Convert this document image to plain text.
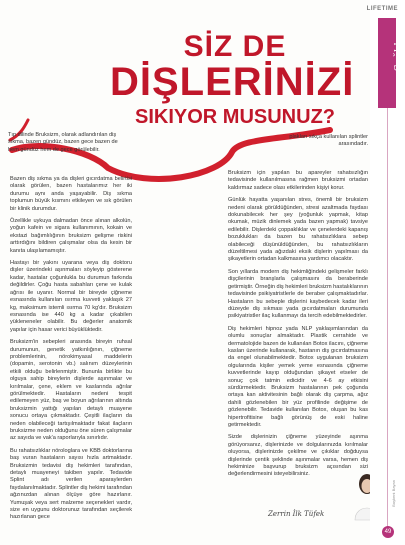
SİZ DE
DİŞLERİNİZİ
SIKIYOR MUSUNUZ?
Tıp dilinde Bruksizm, olarak adlandırılan diş sıkma, bazen gündüz, bazen gece bazen de hem gündüz hem de gece görülebilir.
plakları sıkça kullanılan splintler arasındadır.

Bazen diş sıkma ya da dişleri gıcırdatma belirtisi olarak görülen, bazen hastalarımız her iki durumu aynı anda yaşayabilir. Diş sıkma toplumun büyük kısmını etkileyen ve sık görülen bir klinik durumdur.

Özellikle uykuya dalmadan önce alınan alkolün, yoğun kafein ve sigara kullanımının, kokain ve ekstazi bağımlılığının bruksizm gelişme riskini arttırdığını bildiren çalışmalar olsa da kesin bir kanıta ulaşılamamıştır.

Hastayı bir yakını uyarana veya diş doktoru dişler üzerindeki aşınmaları söyleyip gösterene kadar, hastalar çoğunlukla bu durumun farkında değildirler. Çoğu hasta sabahları çene ve kulak ağrısı ile uyanır. Normal bir bireyde çiğneme esnasında kullanılan ısırma kuvveti yaklaşık 27 kg, maksimum istemli ısırma 70 kg'dır. Bruksizm esnasında ise 440 kg a kadar çıkabilen yükleneneler olabilir. Bu değerler anatomik yapılar için hasar verici büyüklüktedir.

Bruksizm'in sebepleri arasında bireyin ruhsal durumunun, genetik yatkınlığının, çiğneme problemlerinin, nörokimyasal maddelerin (dopamin, serotonin vb.) salınım düzeylerinin etkili olduğu belirlenmiştir. Bununla birlikte bu olguya sahip bireylerin dişlerde aşınmalar ve kırılmalar, çene, eklem ve kaslarında ağrılar görülmektedir. Hastaların nedeni tespit edilemeyen yüz, baş ve boyun ağrılarının altında bruksizmin yattığı yapılan detaylı muayene sonucu ortaya çıkmaktadır. Çeşitli ilaçların da neden olabileceği tartışılmaktadır fakat ilaçların bruksizme neden olduğunu öne süren çalışmalar az sayıda ve vak'a raporlarıyla sınırlıdır.

Bu rahatsızlıklar nörologlara ve KBB doktorlarına baş vuran hastaların sayısı hızla artmaktadır. Bruksizmin tedavisi diş hekimleri tarafından, detaylı muayeneyi takiben yapılır. Tedavide Splint adı verilen aparaylerden faydalanılmaktadır. Splintler diş hekimi tarafından ağzınızdan alınan ölçüye göre hazırlanır. Yumuşak veya sert malzeme seçenekleri vardır, size en uygunu doktorunuz tarafından seçilerek hazırlanan gece

Bruksizm için yapılan bu apareyler rahatsızlığın tedavisinde kullanılmasına rağmen bruksizmi ortadan kaldırmaz sadece olası etkilerinden kişiyi korur.

Günlük hayatta yaşanılan stres, önemli bir bruksizm nedeni olarak görüldüğünden, stresi azaltmada faydası dokunabilecek her şey (yoğunluk yapmak, kitap okumak, müzik dinlemek yada bazen yapmak) tavsiye edilebilir. Dişlerdeki çoppaklıklar ve çenelerdeki kapanış bozuklukları da bazen bu rahatsızlıklara sebep olabileceği düşünüldüğünden, bu rahatsızlıkların düzeltilmesi yada ağızdaki eksik dişlerin yapılması da şikayetlerin ortadan kalkmasına yardımcı olacaktır.

Son yıllarda modern diş hekimliğindeki gelişmeler farklı dişçilerinin branşlarla çalışmasını da beraberinde getirmiştir. Örneğin diş hekimleri bruksizm hastalıklarının tedavisinde psikiyatristlerle de beraber çalışmaktadırlar. Hastaların bu sebeple dişlerini kaybedecek kadar ileri düzeyde diş sıkması yada gıcırdatmaları durumunda psikiyatristler ilaç kullanmayı da tercih edebilmektedirler.

Diş hekimleri hipnoz yada NLP yaklaşımlarından da olumlu sonuçlar almaktadır. Plastik cerrahide ve dermatolojide bazen de kullanılan Botox ilacını, çiğneme kasları üzerinde kullanarak, hastanın diş gıcırdatmasına da engel olunabilmektedir. Botox uygulanan bruksizm olgularında kişiler yemek yeme esnasında çiğneme kuvvetlerinde kayıp olduğundan şikayet etseler de sonuç çok tatmin edicidir ve 4-6 ay etkisini sürdürmektedir. Bruksizm hastalarının pek çoğunda ortaya kan aktivitesinin bağlı olarak diş çarpma, ağız dahili gözlenebilen bir yüz profilinde değişime de gözlenebilir. Tedavide kullanılan Botox, oluşan bu kas hipertrofitisine bağlı görünüş de eski haline getirmektedir.

Sizde dişlerinizin çiğneme yüzeyinde aşınma görüyorsanız, dişlerinizde ve dolgularınızda kırılmalar oluyorsa, dişlerinizde çekilme ve çıkıklar doğduysa dişlerinde çentik şeklinde aşınmalar varsa, hemen diş hekiminize başvurup bruksizm açısından sizi değerlendirmesini isteyebilirsiniz.

Zerrin İlk Tüfek
LIFETIME
Sağlık
Başkent Bayan
49
